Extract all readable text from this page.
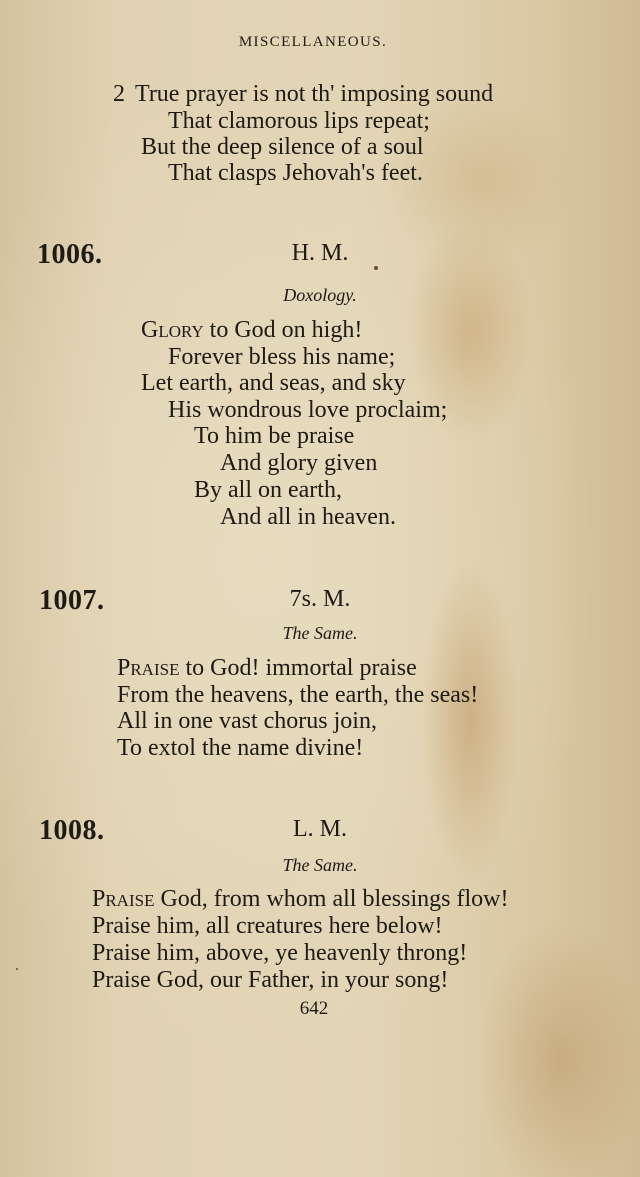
MISCELLANEOUS.
2 True prayer is not th' imposing sound
That clamorous lips repeat;
But the deep silence of a soul
That clasps Jehovah's feet.
1006.	H. M.
Doxology.
Glory to God on high!
Forever bless his name;
Let earth, and seas, and sky
His wondrous love proclaim;
To him be praise
And glory given
By all on earth,
And all in heaven.
1007.	7s. M.
The Same.
Praise to God! immortal praise
From the heavens, the earth, the seas!
All in one vast chorus join,
To extol the name divine!
1008.	L. M.
The Same.
Praise God, from whom all blessings flow!
Praise him, all creatures here below!
Praise him, above, ye heavenly throng!
Praise God, our Father, in your song!
642
